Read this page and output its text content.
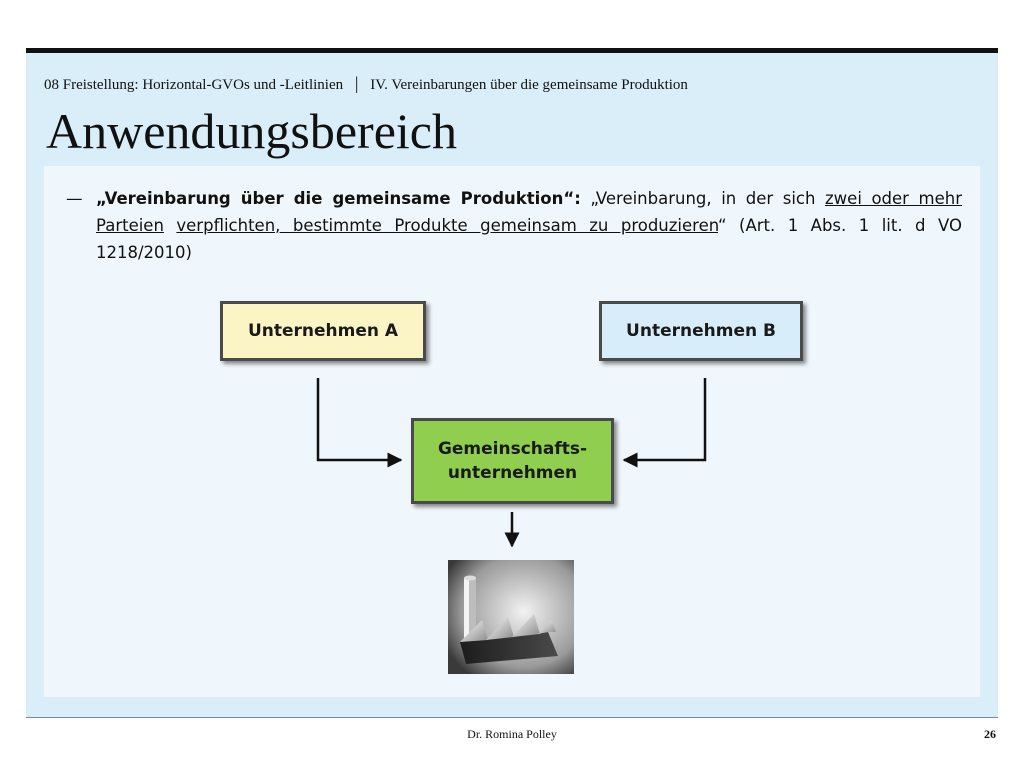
08 Freistellung: Horizontal-GVOs und -Leitlinien | IV. Vereinbarungen über die gemeinsame Produktion
Anwendungsbereich
— „Vereinbarung über die gemeinsame Produktion“: „Vereinbarung, in der sich zwei oder mehr Parteien verpflichten, bestimmte Produkte gemeinsam zu produzieren“ (Art. 1 Abs. 1 lit. d VO 1218/2010)
Unternehmen A	Unternehmen B
Gemeinschafts-
unternehmen
Dr. Romina Polley	26
